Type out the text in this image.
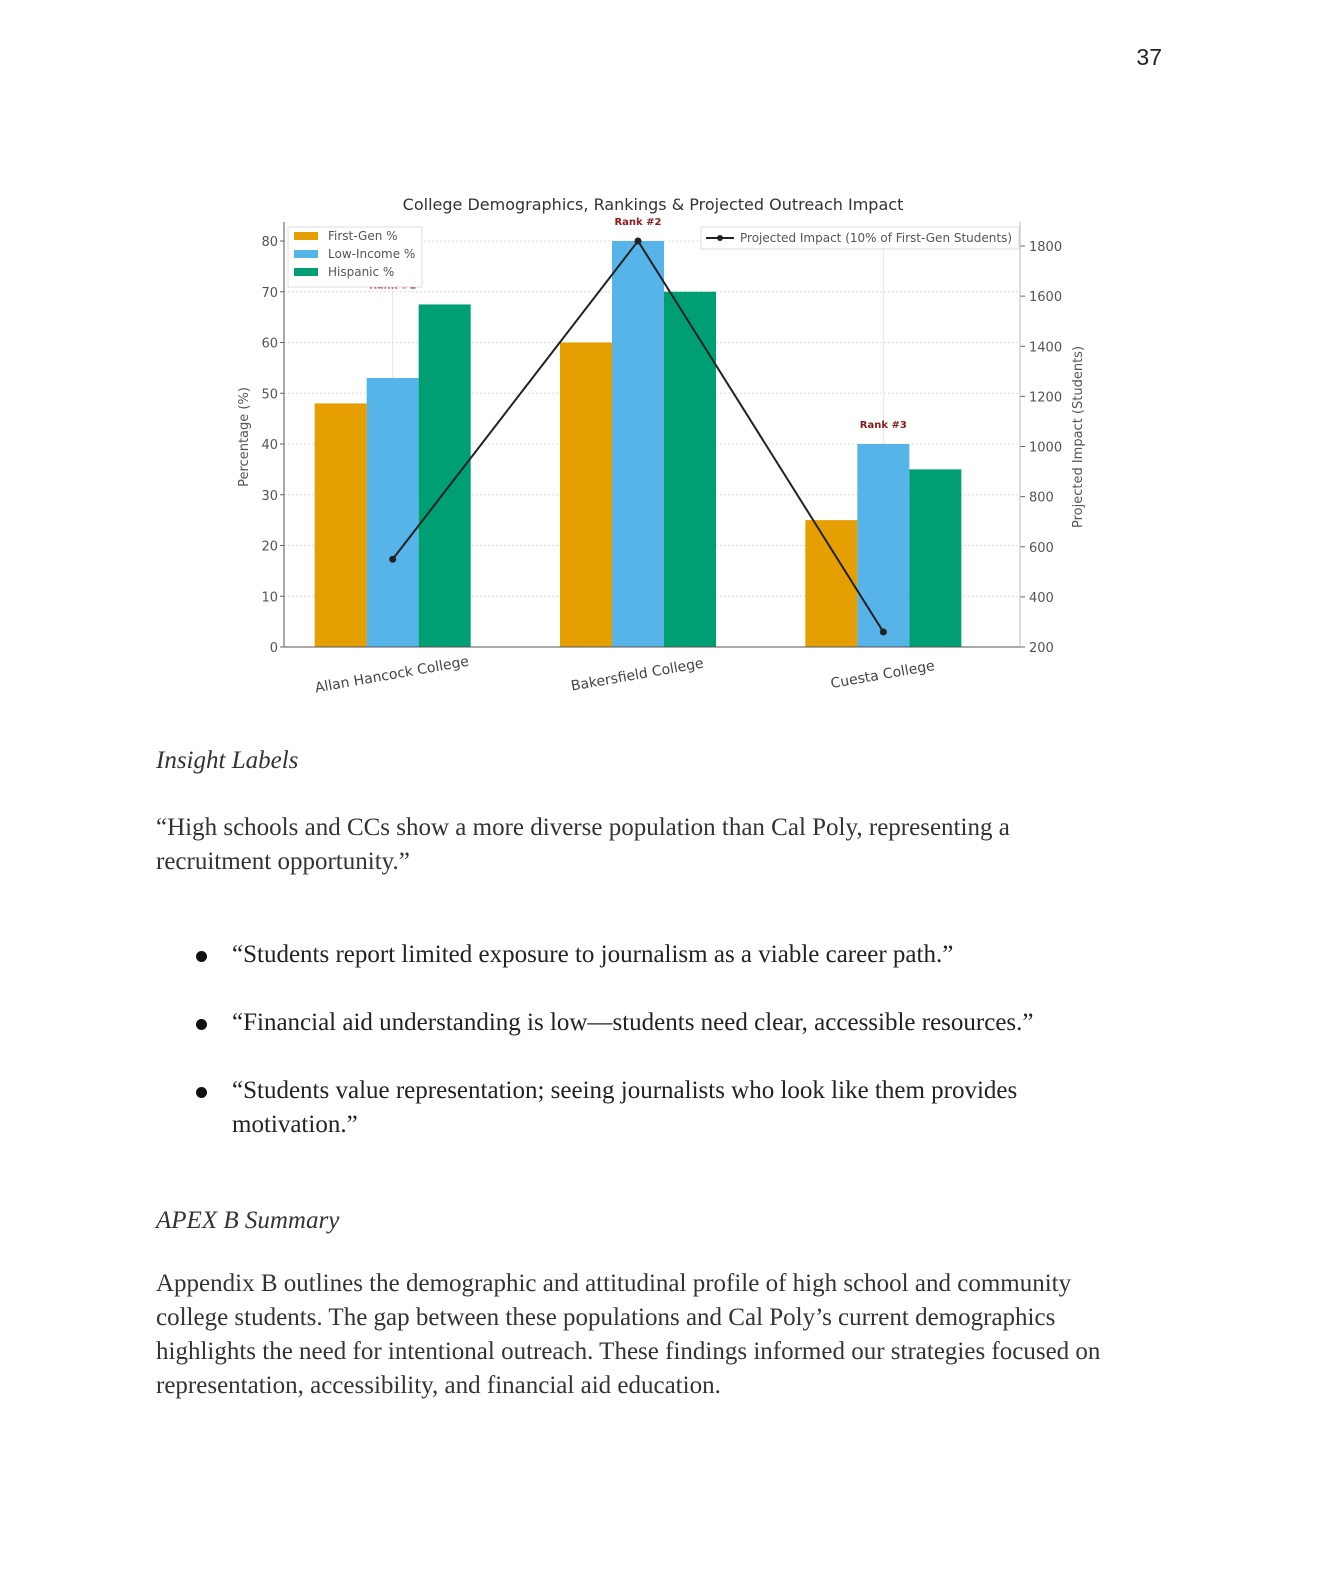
37
0
10
20
30
40
50
60
70
80
200
400
600
800
1000
1200
1400
1600
1800
Allan Hancock College	Bakersfield College	Cuesta College
Rank #2
Rank #3
College Demographics, Rankings & Projected Outreach Impact
Percentage (%)	Projected Impact (Students)
First-Gen %
Low-Income %
Hispanic %
Projected Impact (10% of First-Gen Students)
Insight Labels
“High schools and CCs show a more diverse population than Cal Poly, representing a recruitment opportunity.”
“Students report limited exposure to journalism as a viable career path.”
“Financial aid understanding is low—students need clear, accessible resources.”
“Students value representation; seeing journalists who look like them provides motivation.”
APEX B Summary
Appendix B outlines the demographic and attitudinal profile of high school and community college students. The gap between these populations and Cal Poly’s current demographics highlights the need for intentional outreach. These findings informed our strategies focused on representation, accessibility, and financial aid education.
